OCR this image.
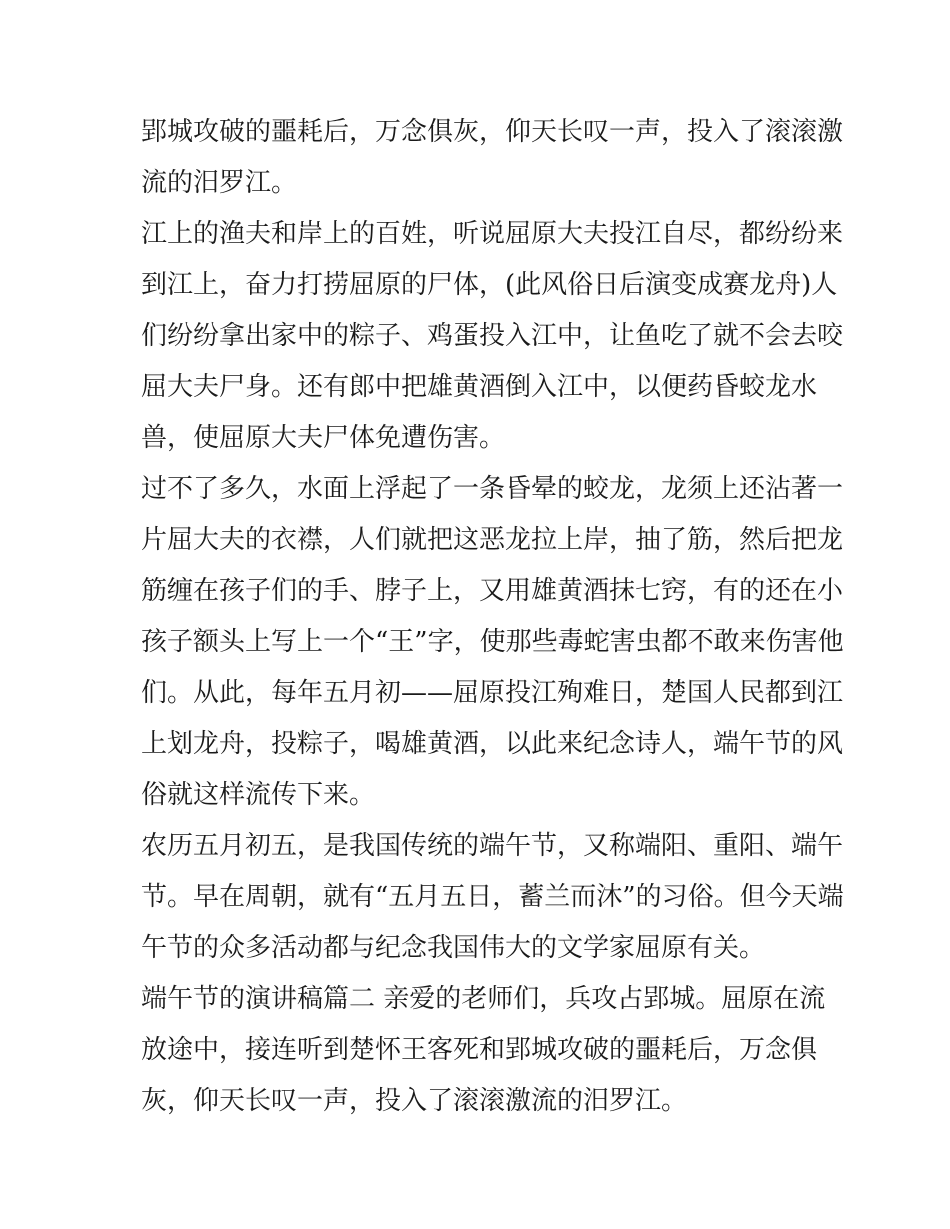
郢城攻破的噩耗后，万念俱灰，仰天长叹一声，投入了滚滚激
流的汨罗江。
江上的渔夫和岸上的百姓，听说屈原大夫投江自尽，都纷纷来
到江上，奋力打捞屈原的尸体，(此风俗日后演变成赛龙舟)人
们纷纷拿出家中的粽子、鸡蛋投入江中，让鱼吃了就不会去咬
屈大夫尸身。还有郎中把雄黄酒倒入江中，以便药昏蛟龙水
兽，使屈原大夫尸体免遭伤害。
过不了多久，水面上浮起了一条昏晕的蛟龙，龙须上还沾著一
片屈大夫的衣襟，人们就把这恶龙拉上岸，抽了筋，然后把龙
筋缠在孩子们的手、脖子上，又用雄黄酒抹七窍，有的还在小
孩子额头上写上一个“王”字，使那些毒蛇害虫都不敢来伤害他
们。从此，每年五月初——屈原投江殉难日，楚国人民都到江
上划龙舟，投粽子，喝雄黄酒，以此来纪念诗人，端午节的风
俗就这样流传下来。
农历五月初五，是我国传统的端午节，又称端阳、重阳、端午
节。早在周朝，就有“五月五日，蓄兰而沐”的习俗。但今天端
午节的众多活动都与纪念我国伟大的文学家屈原有关。
端午节的演讲稿篇二 亲爱的老师们，兵攻占郢城。屈原在流
放途中，接连听到楚怀王客死和郢城攻破的噩耗后，万念俱
灰，仰天长叹一声，投入了滚滚激流的汨罗江。
